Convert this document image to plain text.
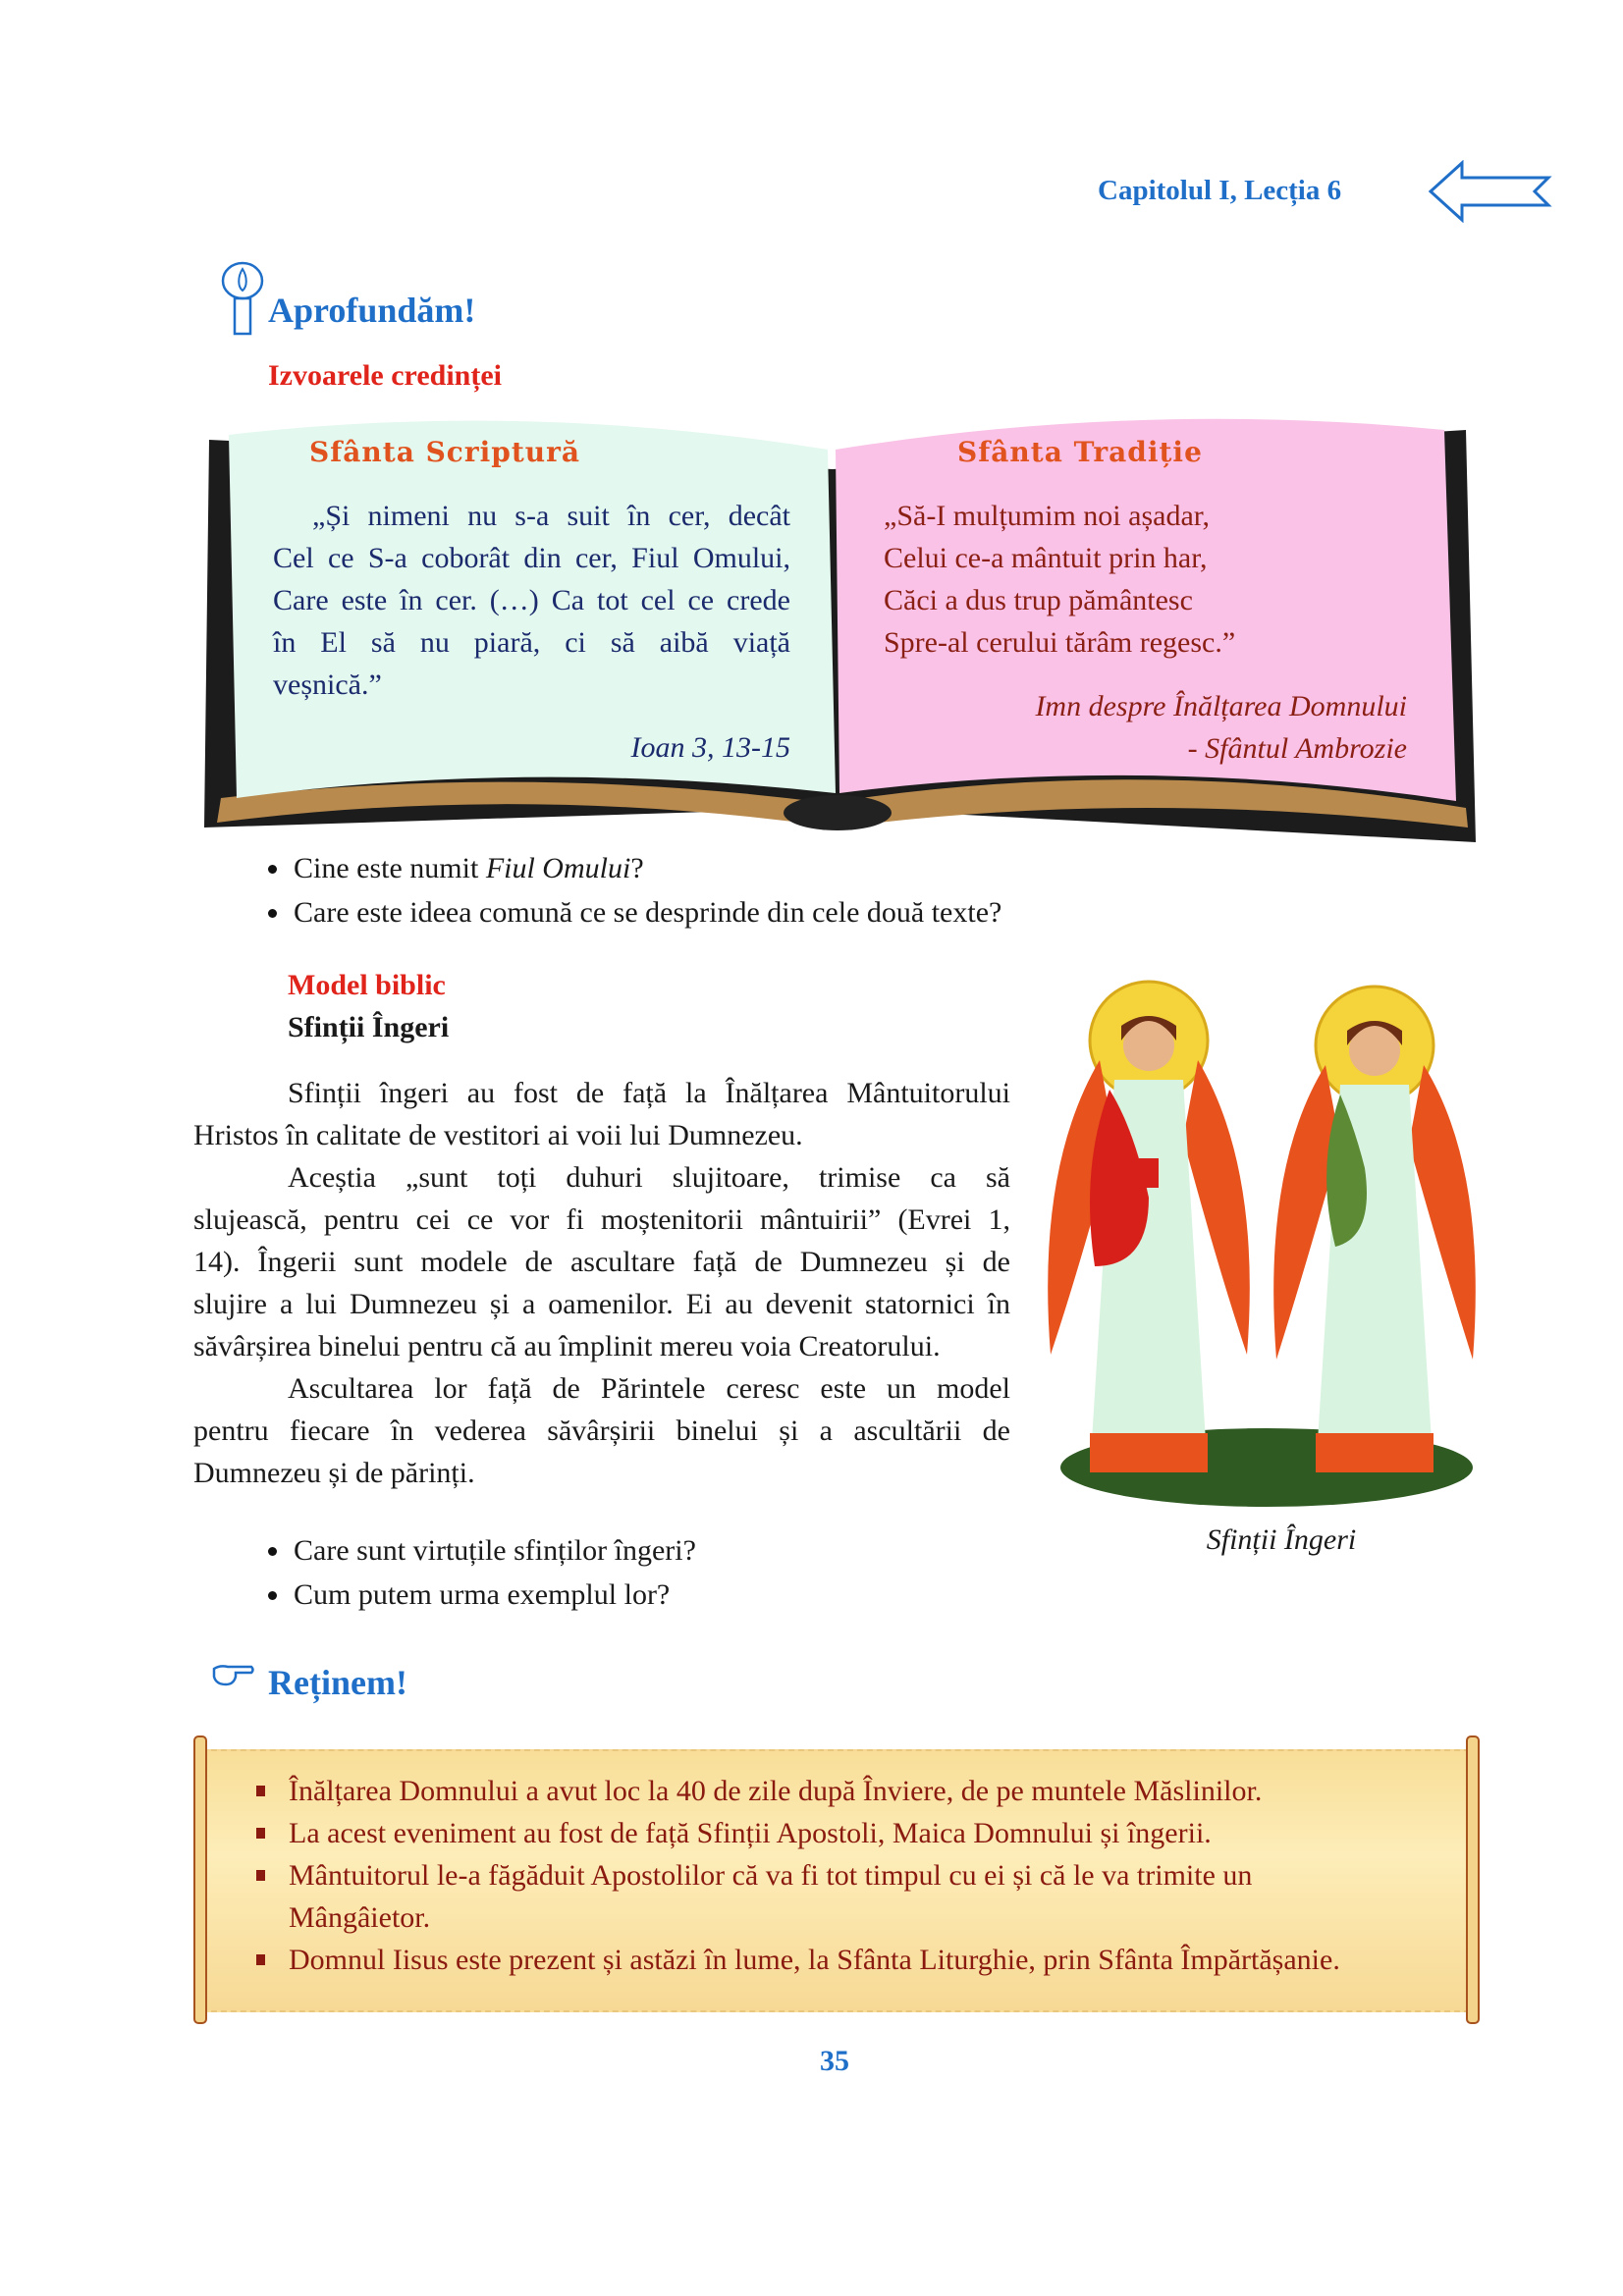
Capitolul I, Lecția 6
Aprofundăm!
Izvoarele credinței
Sfânta Scriptură
„Și nimeni nu s-a suit în cer, decât
Cel ce S-a coborât din cer, Fiul Omului,
Care este în cer. (…) Ca tot cel ce crede
în El să nu piară, ci să aibă viață
veșnică.”
Ioan 3, 13-15
Sfânta Tradiție
„Să-I mulțumim noi așadar,
Celui ce-a mântuit prin har,
Căci a dus trup pământesc
Spre-al cerului tărâm regesc.”
Imn despre Înălțarea Domnului
- Sfântul Ambrozie
Cine este numit Fiul Omului?
Care este ideea comună ce se desprinde din cele două texte?
Model biblic
Sfinții Îngeri
Sfinții îngeri au fost de față la Înălțarea Mântuitorului
Hristos în calitate de vestitori ai voii lui Dumnezeu.
Aceștia „sunt toți duhuri slujitoare, trimise ca să
slujească, pentru cei ce vor fi moștenitorii mântuirii” (Evrei 1,
14). Îngerii sunt modele de ascultare față de Dumnezeu și de
slujire a lui Dumnezeu și a oamenilor. Ei au devenit statornici în
săvârșirea binelui pentru că au împlinit mereu voia Creatorului.
Ascultarea lor față de Părintele ceresc este un model
pentru fiecare în vederea săvârșirii binelui și a ascultării de
Dumnezeu și de părinți.
Sfinții Îngeri
Care sunt virtuțile sfinților îngeri?
Cum putem urma exemplul lor?
Reținem!
Înălțarea Domnului a avut loc la 40 de zile după Înviere, de pe muntele Măslinilor.
La acest eveniment au fost de față Sfinții Apostoli, Maica Domnului și îngerii.
Mântuitorul le-a făgăduit Apostolilor că va fi tot timpul cu ei și că le va trimite un Mângâietor.
Domnul Iisus este prezent și astăzi în lume, la Sfânta Liturghie, prin Sfânta Împărtășanie.
35
